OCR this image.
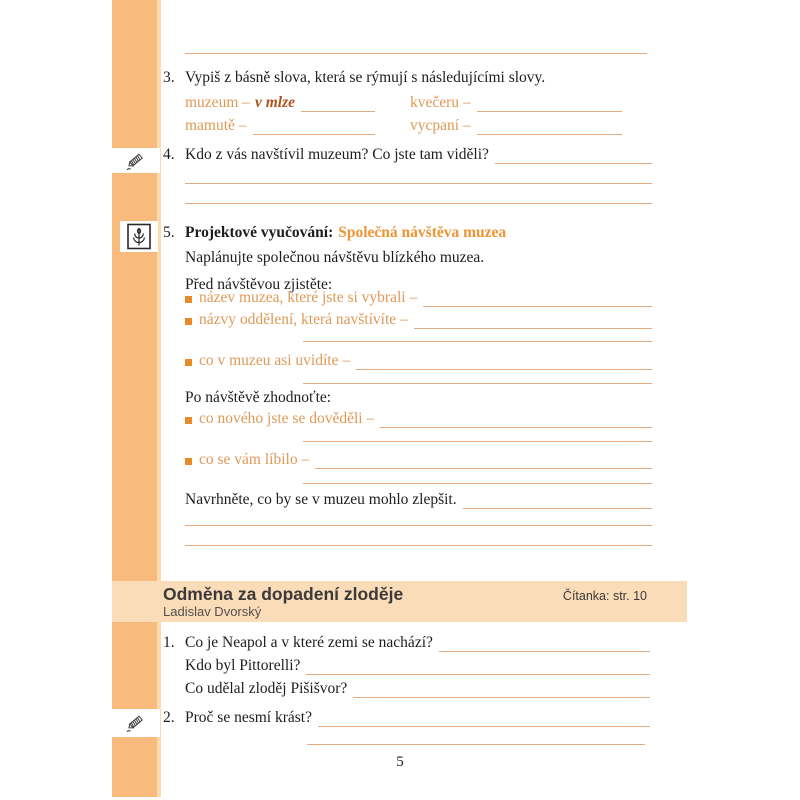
3. Vypiš z básně slova, která se rýmují s následujícími slovy.
muzeum – v mlze	kvečeru –
mamutě –	vycpaní –
4. Kdo z vás navštívil muzeum? Co jste tam viděli?
5. Projektové vyučování: Společná návštěva muzea
Naplánujte společnou návštěvu blízkého muzea.
Před návštěvou zjistěte:
název muzea, které jste si vybrali –
názvy oddělení, která navštívíte –
co v muzeu asi uvidíte –
Po návštěvě zhodnoťte:
co nového jste se dověděli –
co se vám líbilo –
Navrhněte, co by se v muzeu mohlo zlepšit.
Odměna za dopadení zloděje
Ladislav Dvorský
Čítanka: str. 10
1. Co je Neapol a v které zemi se nachází?
Kdo byl Pittorelli?
Co udělal zloděj Pišišvor?
2. Proč se nesmí krást?
5
